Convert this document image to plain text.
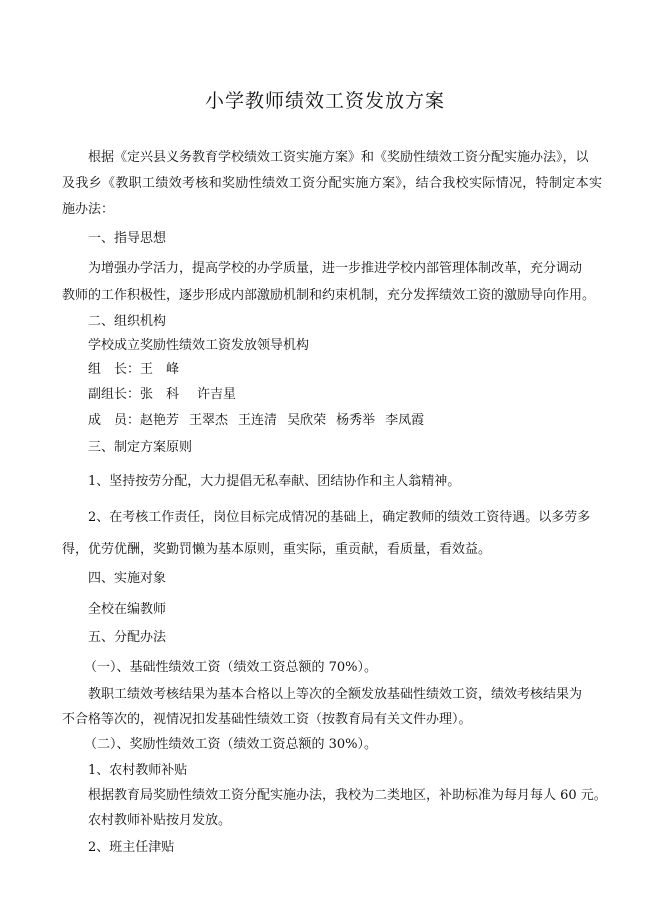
小学教师绩效工资发放方案
根据《定兴县义务教育学校绩效工资实施方案》和《奖励性绩效工资分配实施办法》，以
及我乡《教职工绩效考核和奖励性绩效工资分配实施方案》，结合我校实际情况，特制定本实
施办法：
一、指导思想
为增强办学活力，提高学校的办学质量，进一步推进学校内部管理体制改革，充分调动
教师的工作积极性，逐步形成内部激励机制和约束机制，充分发挥绩效工资的激励导向作用。
二、组织机构
学校成立奖励性绩效工资发放领导机构
组　长：王　峰
副组长：张　科 许吉星
成　员：赵艳芳 王翠杰 王连清 吴欣荣 杨秀举 李凤霞
三、制定方案原则
1、坚持按劳分配，大力提倡无私奉献、团结协作和主人翁精神。
2、在考核工作责任，岗位目标完成情况的基础上，确定教师的绩效工资待遇。以多劳多
得，优劳优酬，奖勤罚懒为基本原则，重实际，重贡献，看质量，看效益。
四、实施对象
全校在编教师
五、分配办法
（一）、基础性绩效工资（绩效工资总额的 70%）。
教职工绩效考核结果为基本合格以上等次的全额发放基础性绩效工资，绩效考核结果为
不合格等次的，视情况扣发基础性绩效工资（按教育局有关文件办理）。
（二）、奖励性绩效工资（绩效工资总额的 30%）。
1、农村教师补贴
根据教育局奖励性绩效工资分配实施办法，我校为二类地区，补助标准为每月每人 60 元。
农村教师补贴按月发放。
2、班主任津贴
